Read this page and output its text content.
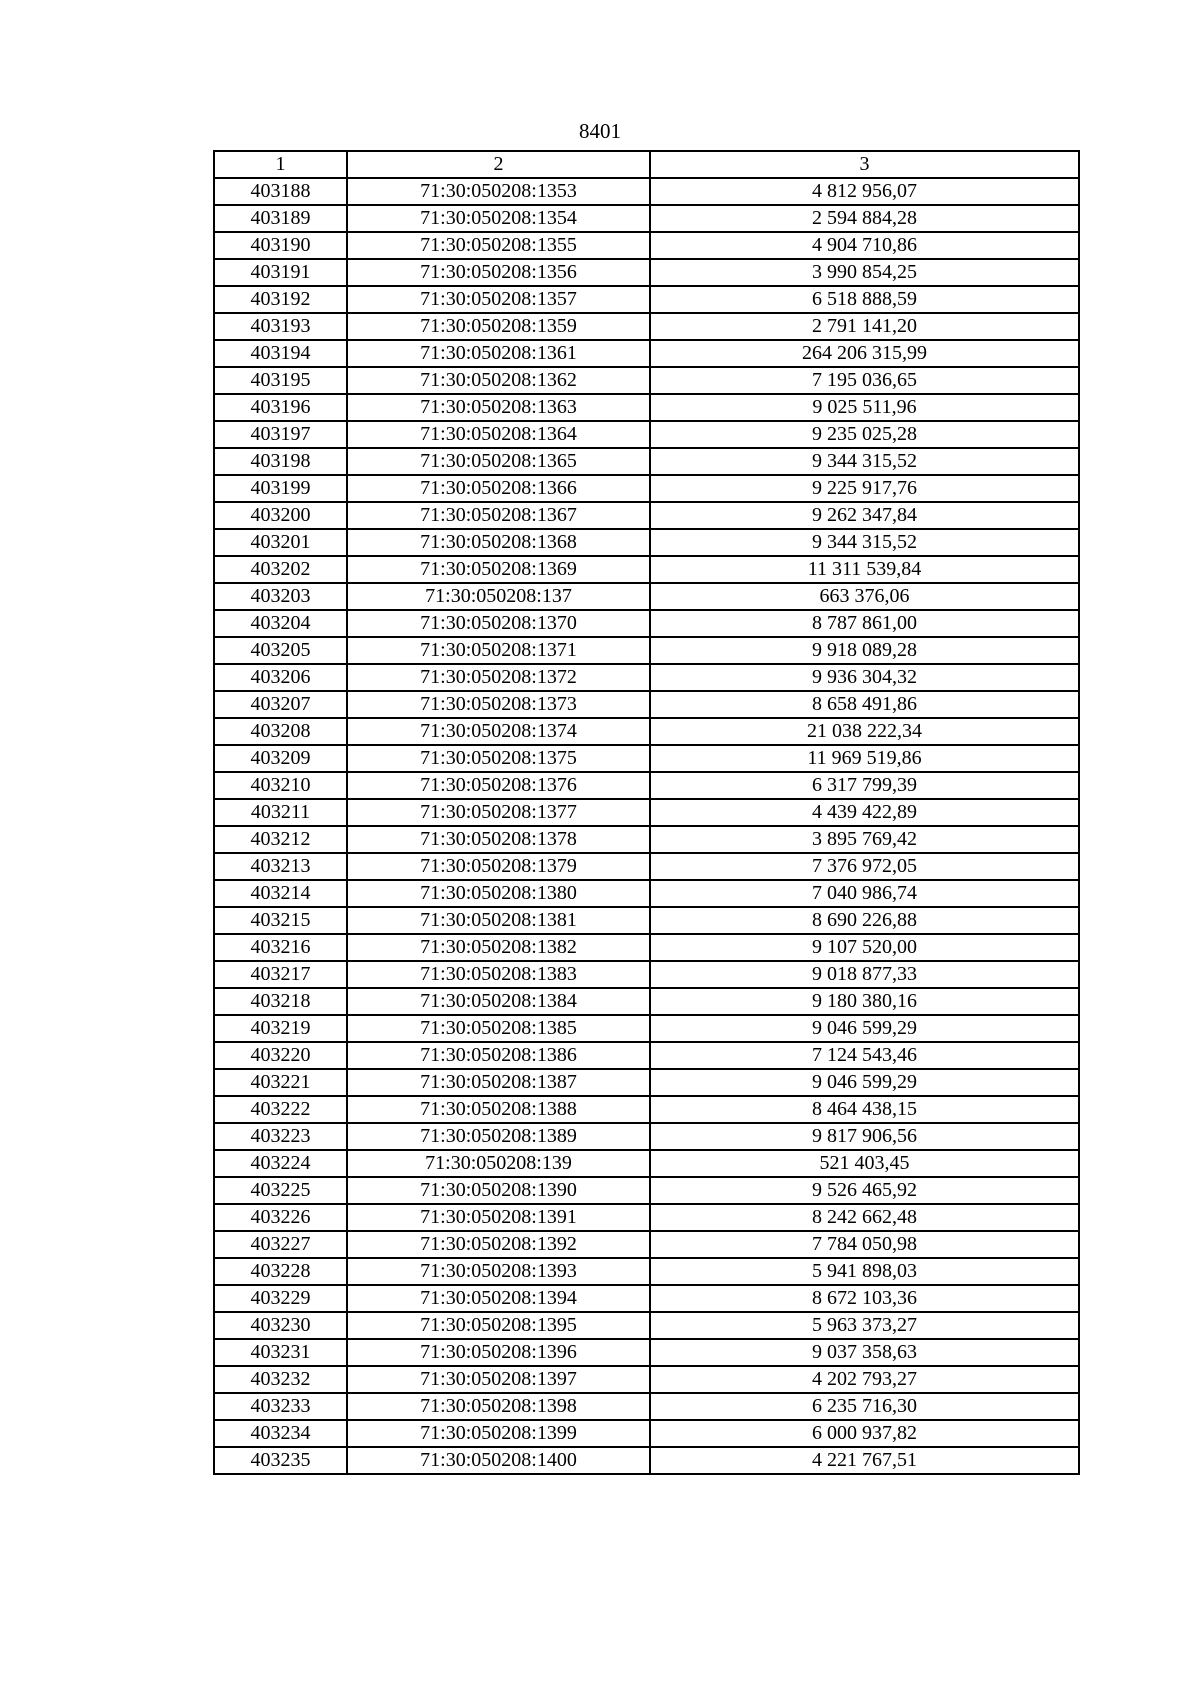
8401
1	2	3
403188	71:30:050208:1353	4 812 956,07
403189	71:30:050208:1354	2 594 884,28
403190	71:30:050208:1355	4 904 710,86
403191	71:30:050208:1356	3 990 854,25
403192	71:30:050208:1357	6 518 888,59
403193	71:30:050208:1359	2 791 141,20
403194	71:30:050208:1361	264 206 315,99
403195	71:30:050208:1362	7 195 036,65
403196	71:30:050208:1363	9 025 511,96
403197	71:30:050208:1364	9 235 025,28
403198	71:30:050208:1365	9 344 315,52
403199	71:30:050208:1366	9 225 917,76
403200	71:30:050208:1367	9 262 347,84
403201	71:30:050208:1368	9 344 315,52
403202	71:30:050208:1369	11 311 539,84
403203	71:30:050208:137	663 376,06
403204	71:30:050208:1370	8 787 861,00
403205	71:30:050208:1371	9 918 089,28
403206	71:30:050208:1372	9 936 304,32
403207	71:30:050208:1373	8 658 491,86
403208	71:30:050208:1374	21 038 222,34
403209	71:30:050208:1375	11 969 519,86
403210	71:30:050208:1376	6 317 799,39
403211	71:30:050208:1377	4 439 422,89
403212	71:30:050208:1378	3 895 769,42
403213	71:30:050208:1379	7 376 972,05
403214	71:30:050208:1380	7 040 986,74
403215	71:30:050208:1381	8 690 226,88
403216	71:30:050208:1382	9 107 520,00
403217	71:30:050208:1383	9 018 877,33
403218	71:30:050208:1384	9 180 380,16
403219	71:30:050208:1385	9 046 599,29
403220	71:30:050208:1386	7 124 543,46
403221	71:30:050208:1387	9 046 599,29
403222	71:30:050208:1388	8 464 438,15
403223	71:30:050208:1389	9 817 906,56
403224	71:30:050208:139	521 403,45
403225	71:30:050208:1390	9 526 465,92
403226	71:30:050208:1391	8 242 662,48
403227	71:30:050208:1392	7 784 050,98
403228	71:30:050208:1393	5 941 898,03
403229	71:30:050208:1394	8 672 103,36
403230	71:30:050208:1395	5 963 373,27
403231	71:30:050208:1396	9 037 358,63
403232	71:30:050208:1397	4 202 793,27
403233	71:30:050208:1398	6 235 716,30
403234	71:30:050208:1399	6 000 937,82
403235	71:30:050208:1400	4 221 767,51
